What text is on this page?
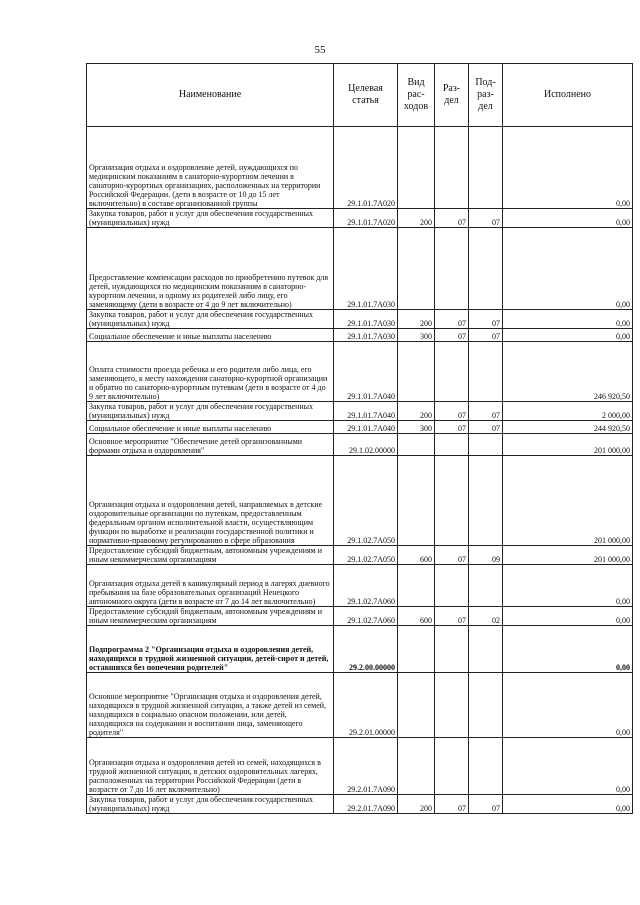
55
Наименование	Целевая статья	Вид рас-ходов	Раз-дел	Под-раз-дел	Исполнено
Организация отдыха и оздоровление детей, нуждающихся по медицинским показаниям в санаторно-курортном лечении в санаторно-курортных организациях, расположенных на территории Российской Федерации. (дети в возрасте от 10 до 15 лет включительно) в составе организованной группы	29.1.01.7А020				0,00
Закупка товаров, работ и услуг для обеспечения государственных (муниципальных) нужд	29.1.01.7А020	200	07	07	0,00
Предоставление компенсации расходов по приобретению путевок для детей, нуждающихся по медицинским показаниям в санаторно-курортном лечении, и одному из родителей либо лицу, его заменяющему (дети в возрасте от 4 до 9 лет включительно)	29.1.01.7А030				0,00
Закупка товаров, работ и услуг для обеспечения государственных (муниципальных) нужд	29.1.01.7А030	200	07	07	0,00
Социальное обеспечение и иные выплаты населению	29.1.01.7А030	300	07	07	0,00
Оплата стоимости проезда ребенка и его родителя либо лица, его заменяющего, к месту нахождения санаторно-курортной организации и обратно по санаторно-курортным путевкам (дети в возрасте от 4 до 9 лет включительно)	29.1.01.7А040				246 920,50
Закупка товаров, работ и услуг для обеспечения государственных (муниципальных) нужд	29.1.01.7А040	200	07	07	2 000,00
Социальное обеспечение и иные выплаты населению	29.1.01.7А040	300	07	07	244 920,50
Основное мероприятие "Обеспечение детей организованными формами отдыха и оздоровления"	29.1.02.00000				201 000,00
Организация отдыха и оздоровления детей, направляемых в детские оздоровительные организации по путевкам, предоставленным федеральным органом исполнительной власти, осуществляющим функции по выработке и реализации государственной политики и нормативно-правовому регулированию в сфере образования	29.1.02.7А050				201 000,00
Предоставление субсидий бюджетным, автономным учреждениям и иным некоммерческим организациям	29.1.02.7А050	600	07	09	201 000,00
Организация отдыха детей в каникулярный период в лагерях дневного пребывания на базе образовательных организаций Ненецкого автономного округа (дети в возрасте от 7 до 14 лет включительно)	29.1.02.7А060				0,00
Предоставление субсидий бюджетным, автономным учреждениям и иным некоммерческим организациям	29.1.02.7А060	600	07	02	0,00
Подпрограмма 2 "Организация отдыха и оздоровления детей, находящихся в трудной жизненной ситуации, детей-сирот и детей, оставшихся без попечения родителей"	29.2.00.00000				0,00
Основное мероприятие "Организация отдыха и оздоровления детей, находящихся в трудной жизненной ситуации, а также детей из семей, находящихся в социально опасном положении, или детей, находящихся на содержании и воспитании лица, заменяющего родителя"	29.2.01.00000				0,00
Организация отдыха и оздоровления детей из семей, находящихся в трудной жизненной ситуации, в детских оздоровительных лагерях, расположенных на территории Российской Федерации (дети в возрасте от 7 до 16 лет включительно)	29.2.01.7А090				0,00
Закупка товаров, работ и услуг для обеспечения государственных (муниципальных) нужд	29.2.01.7А090	200	07	07	0,00
